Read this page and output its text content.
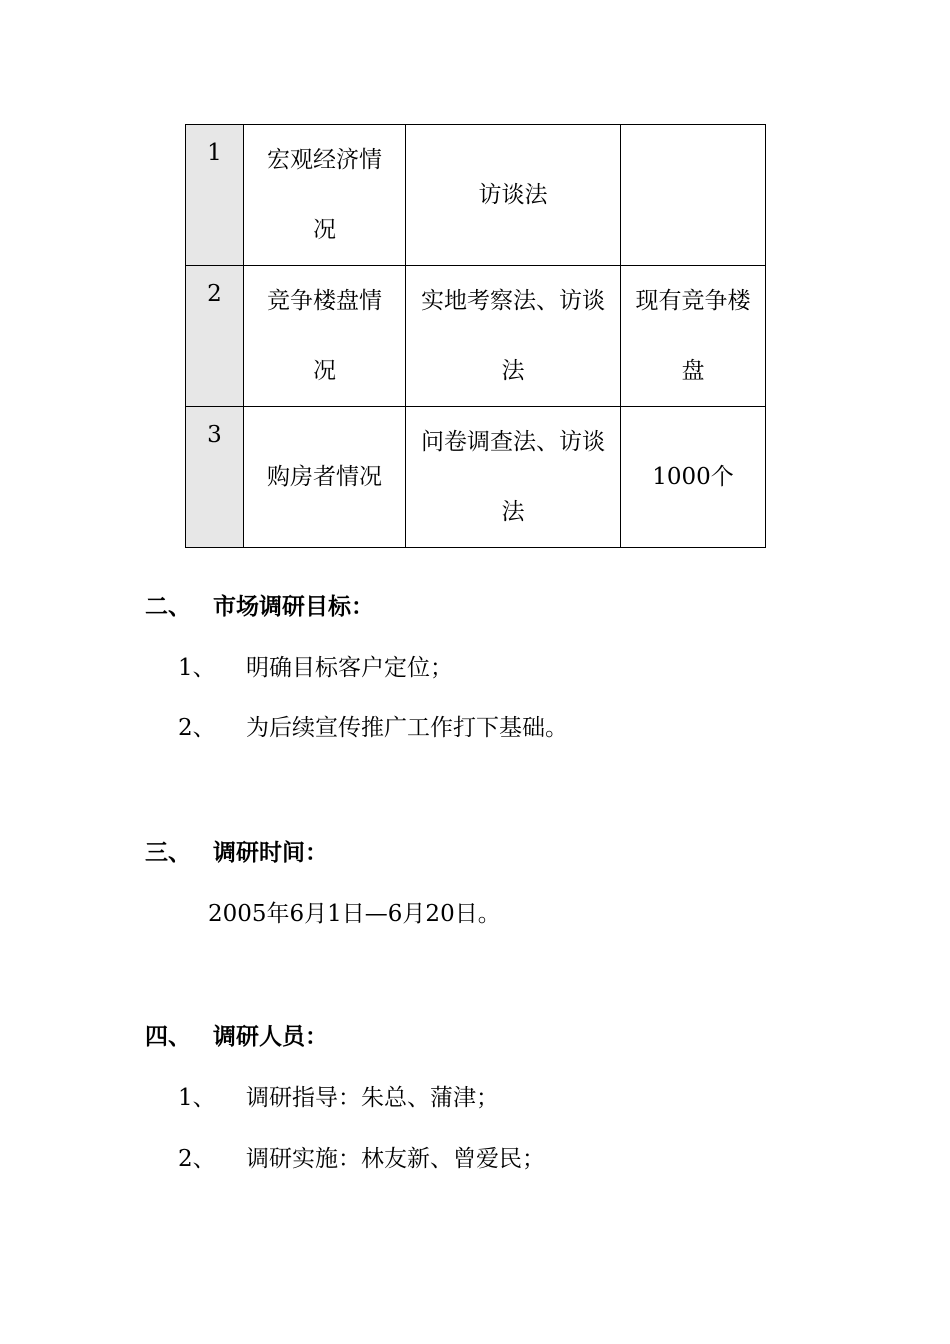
1	宏观经济情况	访谈法	

2	竞争楼盘情况	实地考察法、访谈法	现有竞争楼盘

3	购房者情况	问卷调查法、访谈法	1000个
二、 市场调研目标：
1、 明确目标客户定位；
2、 为后续宣传推广工作打下基础。
三、 调研时间：
2005年6月1日—6月20日。
四、 调研人员：
1、 调研指导：朱总、蒲津；
2、 调研实施：林友新、曾爱民；
